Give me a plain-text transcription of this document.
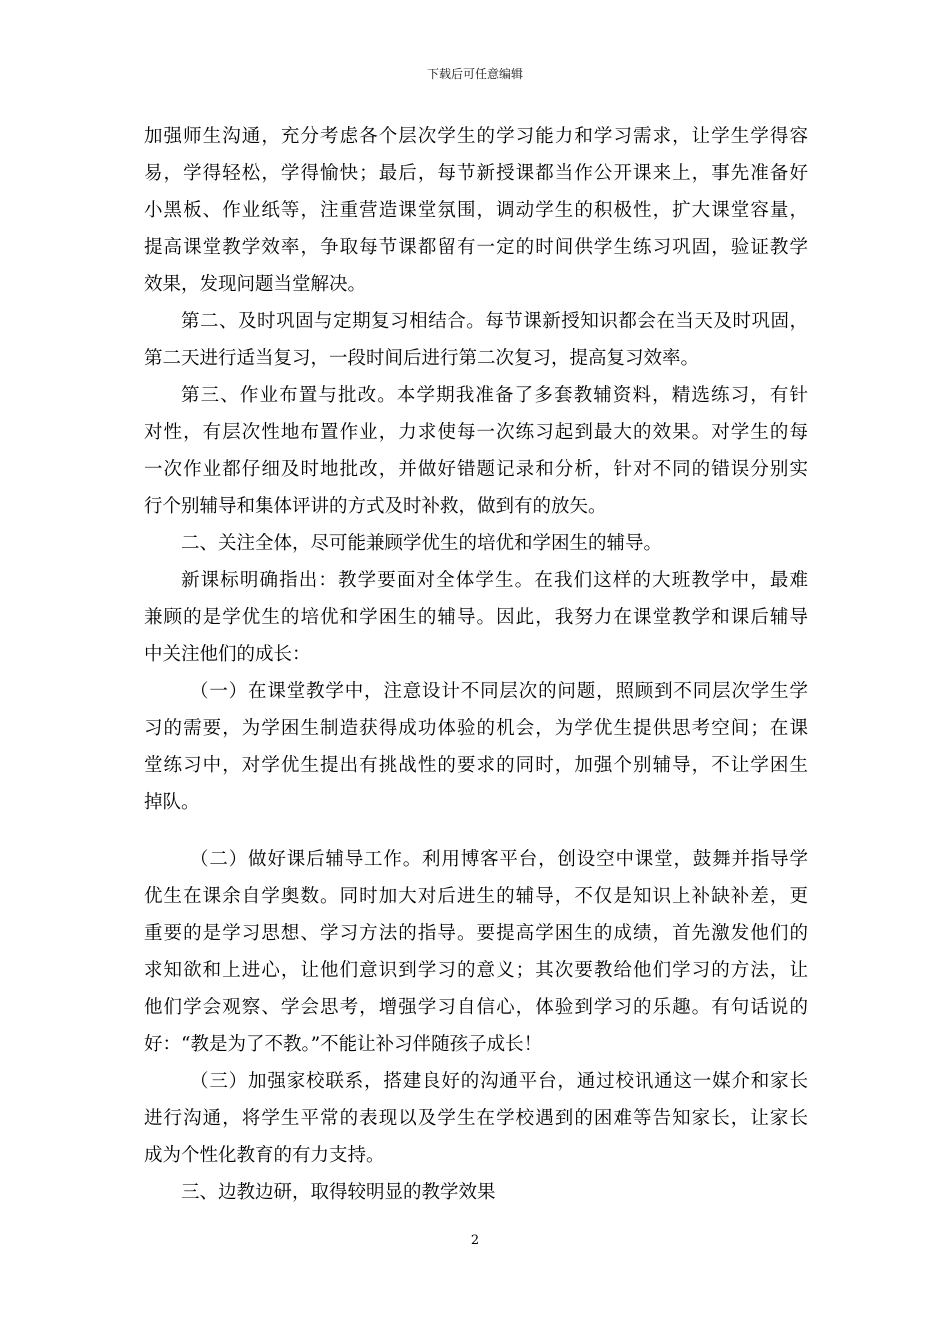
下载后可任意编辑
加强师生沟通，充分考虑各个层次学生的学习能力和学习需求，让学生学得容
易，学得轻松，学得愉快；最后，每节新授课都当作公开课来上，事先准备好
小黑板、作业纸等，注重营造课堂氛围，调动学生的积极性，扩大课堂容量，
提高课堂教学效率，争取每节课都留有一定的时间供学生练习巩固，验证教学
效果，发现问题当堂解决。
第二、及时巩固与定期复习相结合。每节课新授知识都会在当天及时巩固，
第二天进行适当复习，一段时间后进行第二次复习，提高复习效率。
第三、作业布置与批改。本学期我准备了多套教辅资料，精选练习，有针
对性，有层次性地布置作业，力求使每一次练习起到最大的效果。对学生的每
一次作业都仔细及时地批改，并做好错题记录和分析，针对不同的错误分别实
行个别辅导和集体评讲的方式及时补救，做到有的放矢。
二、关注全体，尽可能兼顾学优生的培优和学困生的辅导。
新课标明确指出：教学要面对全体学生。在我们这样的大班教学中，最难
兼顾的是学优生的培优和学困生的辅导。因此，我努力在课堂教学和课后辅导
中关注他们的成长：
（一）在课堂教学中，注意设计不同层次的问题，照顾到不同层次学生学
习的需要，为学困生制造获得成功体验的机会，为学优生提供思考空间；在课
堂练习中，对学优生提出有挑战性的要求的同时，加强个别辅导，不让学困生
掉队。
（二）做好课后辅导工作。利用博客平台，创设空中课堂，鼓舞并指导学
优生在课余自学奥数。同时加大对后进生的辅导，不仅是知识上补缺补差，更
重要的是学习思想、学习方法的指导。要提高学困生的成绩，首先激发他们的
求知欲和上进心，让他们意识到学习的意义；其次要教给他们学习的方法，让
他们学会观察、学会思考，增强学习自信心，体验到学习的乐趣。有句话说的
好：“教是为了不教。”不能让补习伴随孩子成长！
（三）加强家校联系，搭建良好的沟通平台，通过校讯通这一媒介和家长
进行沟通，将学生平常的表现以及学生在学校遇到的困难等告知家长，让家长
成为个性化教育的有力支持。
三、边教边研，取得较明显的教学效果
2
